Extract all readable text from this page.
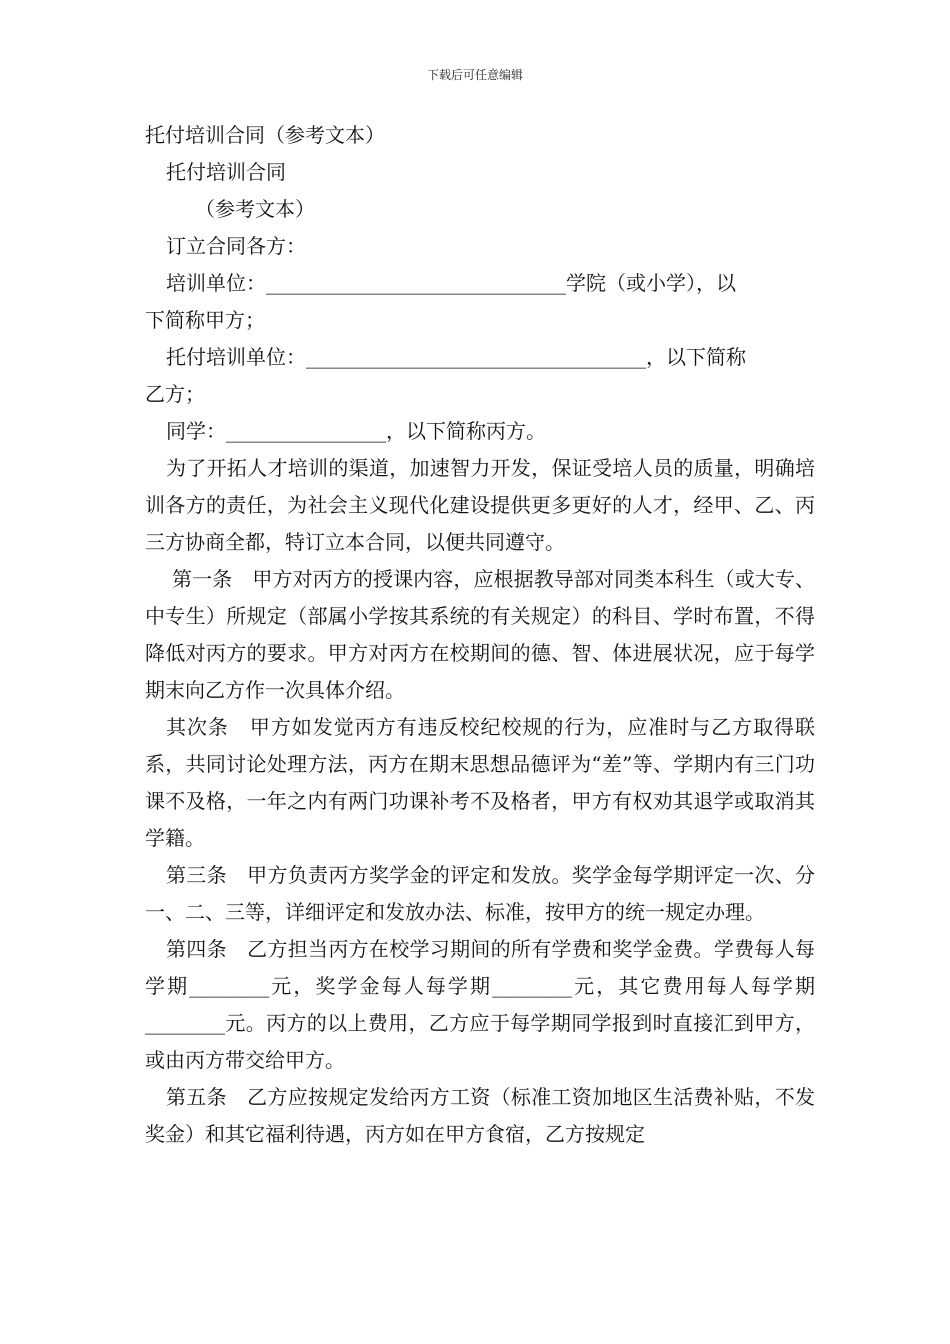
下载后可任意编辑
托付培训合同（参考文本）
托付培训合同
（参考文本）
订立合同各方：
培训单位：______________________________学院（或小学），以
下简称甲方；
托付培训单位：__________________________________，以下简称
乙方；
同学：________________，以下简称丙方。

为了开拓人才培训的渠道，加速智力开发，保证受培人员的质量，明确培训各方的责任，为社会主义现代化建设提供更多更好的人才，经甲、乙、丙三方协商全都，特订立本合同，以便共同遵守。

第一条　甲方对丙方的授课内容，应根据教导部对同类本科生（或大专、中专生）所规定（部属小学按其系统的有关规定）的科目、学时布置，不得降低对丙方的要求。甲方对丙方在校期间的德、智、体进展状况，应于每学期末向乙方作一次具体介绍。

其次条　甲方如发觉丙方有违反校纪校规的行为，应准时与乙方取得联系，共同讨论处理方法，丙方在期末思想品德评为“差”等、学期内有三门功课不及格，一年之内有两门功课补考不及格者，甲方有权劝其退学或取消其学籍。

第三条　甲方负责丙方奖学金的评定和发放。奖学金每学期评定一次、分一、二、三等，详细评定和发放办法、标准，按甲方的统一规定办理。

第四条　乙方担当丙方在校学习期间的所有学费和奖学金费。学费每人每学期________元，奖学金每人每学期________元，其它费用每人每学期________元。丙方的以上费用，乙方应于每学期同学报到时直接汇到甲方，或由丙方带交给甲方。

第五条　乙方应按规定发给丙方工资（标准工资加地区生活费补贴，不发奖金）和其它福利待遇，丙方如在甲方食宿，乙方按规定
